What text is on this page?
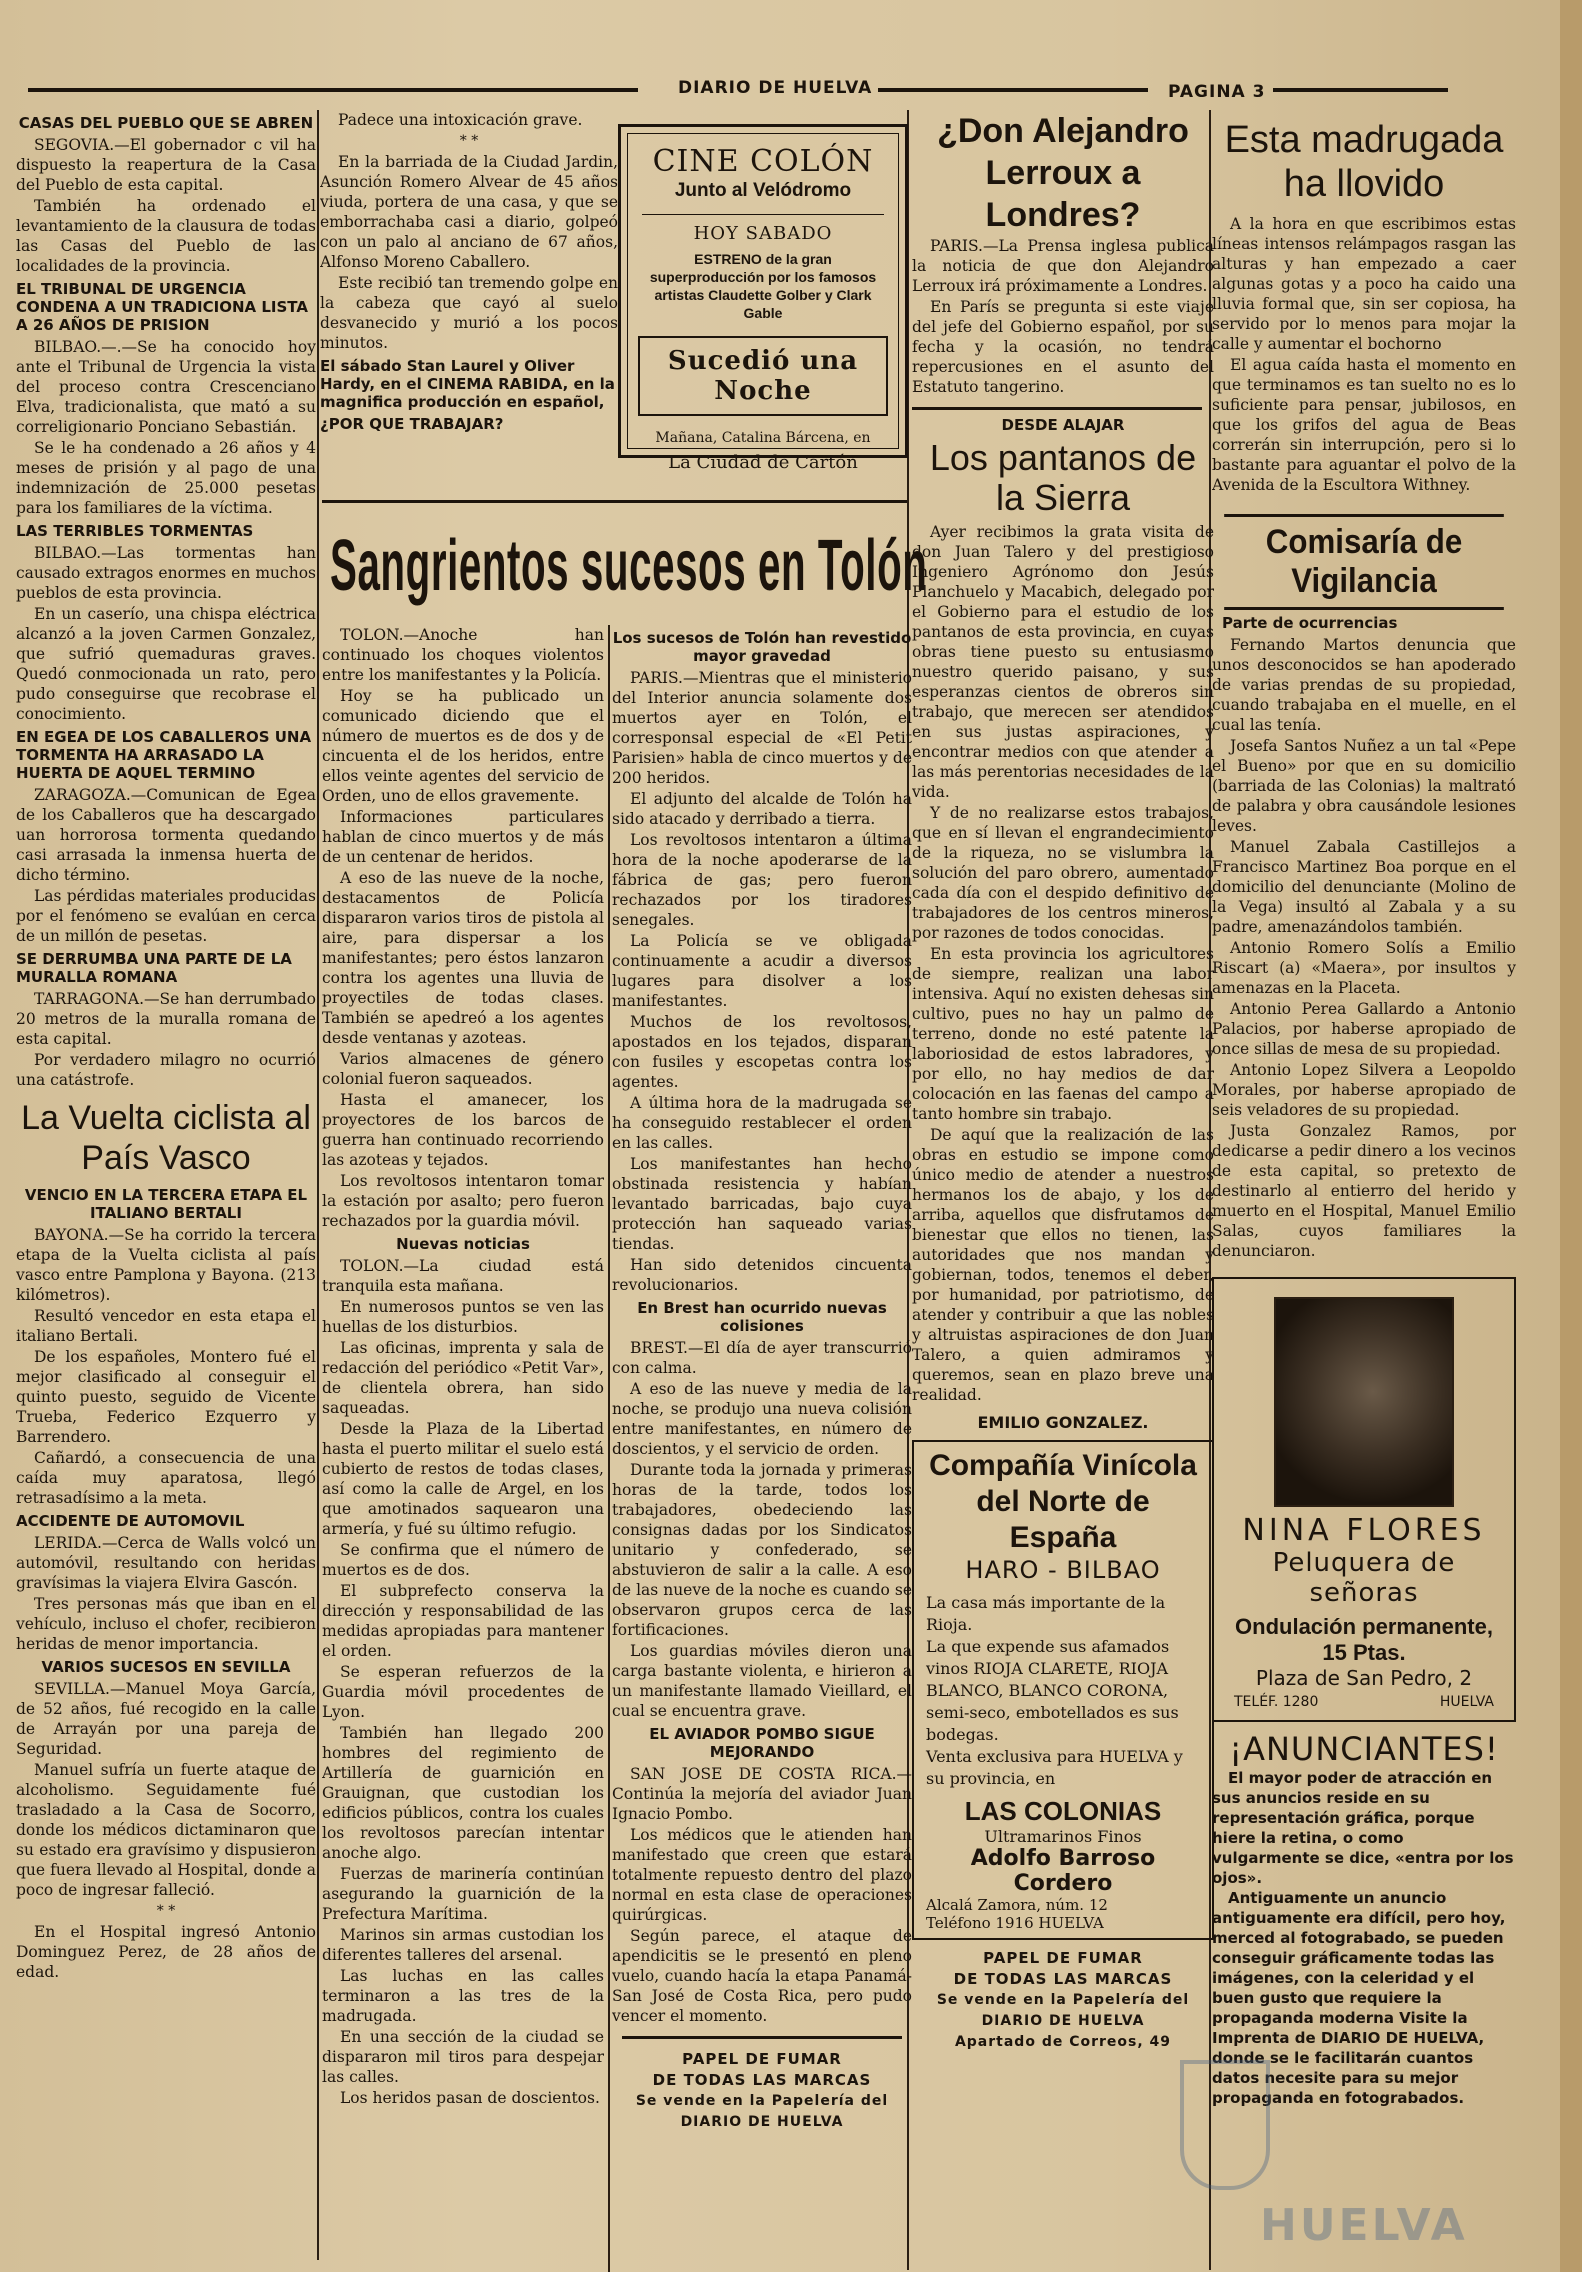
DIARIO DE HUELVA	PAGINA 3
CASAS DEL PUEBLO QUE SE ABREN

SEGOVIA.—El gobernador c vil ha dispuesto la reapertura de la Casa del Pueblo de esta capital.

También ha ordenado el levantamiento de la clausura de todas las Casas del Pueblo de las localidades de la provincia.

EL TRIBUNAL DE URGENCIA CONDENA A UN TRADICIONA LISTA A 26 AÑOS DE PRISION

BILBAO.—.—Se ha conocido hoy ante el Tribunal de Urgencia la vista del proceso contra Crescenciano Elva, tradicionalista, que mató a su correligionario Ponciano Sebastián.

Se le ha condenado a 26 años y 4 meses de prisión y al pago de una indemnización de 25.000 pesetas para los familiares de la víctima.

LAS TERRIBLES TORMENTAS

BILBAO.—Las tormentas han causado extragos enormes en muchos pueblos de esta provincia.

En un caserío, una chispa eléctrica alcanzó a la joven Carmen Gonzalez, que sufrió quemaduras graves. Quedó conmocionada un rato, pero pudo conseguirse que recobrase el conocimiento.

EN EGEA DE LOS CABALLEROS UNA TORMENTA HA ARRASADO LA HUERTA DE AQUEL TERMINO

ZARAGOZA.—Comunican de Egea de los Caballeros que ha descargado uan horrorosa tormenta quedando casi arrasada la inmensa huerta de dicho término.

Las pérdidas materiales producidas por el fenómeno se evalúan en cerca de un millón de pesetas.

SE DERRUMBA UNA PARTE DE LA MURALLA ROMANA

TARRAGONA.—Se han derrumbado 20 metros de la muralla romana de esta capital.

Por verdadero milagro no ocurrió una catástrofe.

La Vuelta ciclista al País Vasco
VENCIO EN LA TERCERA ETAPA EL ITALIANO BERTALI

BAYONA.—Se ha corrido la tercera etapa de la Vuelta ciclista al país vasco entre Pamplona y Bayona. (213 kilómetros).

Resultó vencedor en esta etapa el italiano Bertali.

De los españoles, Montero fué el mejor clasificado al conseguir el quinto puesto, seguido de Vicente Trueba, Federico Ezquerro y Barrendero.

Cañardó, a consecuencia de una caída muy aparatosa, llegó retrasadísimo a la meta.

ACCIDENTE DE AUTOMOVIL

LERIDA.—Cerca de Walls volcó un automóvil, resultando con heridas gravísimas la viajera Elvira Gascón.

Tres personas más que iban en el vehículo, incluso el chofer, recibieron heridas de menor importancia.

VARIOS SUCESOS EN SEVILLA

SEVILLA.—Manuel Moya García, de 52 años, fué recogido en la calle de Arrayán por una pareja de Seguridad.

Manuel sufría un fuerte ataque de alcoholismo. Seguidamente fué trasladado a la Casa de Socorro, donde los médicos dictaminaron que su estado era gravísimo y dispusieron que fuera llevado al Hospital, donde a poco de ingresar falleció.

* *

En el Hospital ingresó Antonio Dominguez Perez, de 28 años de edad.

Padece una intoxicación grave.

* *

En la barriada de la Ciudad Jardin, Asunción Romero Alvear de 45 años viuda, portera de una casa, y que se emborrachaba casi a diario, golpeó con un palo al anciano de 67 años, Alfonso Moreno Caballero.

Este recibió tan tremendo golpe en la cabeza que cayó al suelo desvanecido y murió a los pocos minutos.

El sábado Stan Laurel y Oliver Hardy, en el CINEMA RABIDA, en la magnifica producción en español,
¿POR QUE TRABAJAR?
CINE COLÓN
Junto al Velódromo
HOY SABADO
ESTRENO de la gran superproducción por los famosos artistas Claudette Golber y Clark Gable
Sucedió una Noche
Mañana, Catalina Bárcena, en
La Ciudad de Cartón
Sangrientos sucesos en Tolón

TOLON.—Anoche han continuado los choques violentos entre los manifestantes y la Policía.

Hoy se ha publicado un comunicado diciendo que el número de muertos es de dos y de cincuenta el de los heridos, entre ellos veinte agentes del servicio de Orden, uno de ellos gravemente.

Informaciones particulares hablan de cinco muertos y de más de un centenar de heridos.

A eso de las nueve de la noche, destacamentos de Policía dispararon varios tiros de pistola al aire, para dispersar a los manifestantes; pero éstos lanzaron contra los agentes una lluvia de proyectiles de todas clases. También se apedreó a los agentes desde ventanas y azoteas.

Varios almacenes de género colonial fueron saqueados.

Hasta el amanecer, los proyectores de los barcos de guerra han continuado recorriendo las azoteas y tejados.

Los revoltosos intentaron tomar la estación por asalto; pero fueron rechazados por la guardia móvil.

Nuevas noticias

TOLON.—La ciudad está tranquila esta mañana.

En numerosos puntos se ven las huellas de los disturbios.

Las oficinas, imprenta y sala de redacción del periódico «Petit Var», de clientela obrera, han sido saqueadas.

Desde la Plaza de la Libertad hasta el puerto militar el suelo está cubierto de restos de todas clases, así como la calle de Argel, en los que amotinados saquearon una armería, y fué su último refugio.

Se confirma que el número de muertos es de dos.

El subprefecto conserva la dirección y responsabilidad de las medidas apropiadas para mantener el orden.

Se esperan refuerzos de la Guardia móvil procedentes de Lyon.

También han llegado 200 hombres del regimiento de Artillería de guarnición en Grauignan, que custodian los edificios públicos, contra los cuales los revoltosos parecían intentar anoche algo.

Fuerzas de marinería continúan asegurando la guarnición de la Prefectura Marítima.

Marinos sin armas custodian los diferentes talleres del arsenal.

Las luchas en las calles terminaron a las tres de la madrugada.

En una sección de la ciudad se dispararon mil tiros para despejar las calles.

Los heridos pasan de doscientos.

Los sucesos de Tolón han revestido mayor gravedad

PARIS.—Mientras que el ministerio del Interior anuncia solamente dos muertos ayer en Tolón, el corresponsal especial de «El Petit Parisien» habla de cinco muertos y de 200 heridos.

El adjunto del alcalde de Tolón ha sido atacado y derribado a tierra.

Los revoltosos intentaron a última hora de la noche apoderarse de la fábrica de gas; pero fueron rechazados por los tiradores senegales.

La Policía se ve obligada continuamente a acudir a diversos lugares para disolver a los manifestantes.

Muchos de los revoltosos, apostados en los tejados, disparan con fusiles y escopetas contra los agentes.

A última hora de la madrugada se ha conseguido restablecer el orden en las calles.

Los manifestantes han hecho obstinada resistencia y habían levantado barricadas, bajo cuya protección han saqueado varias tiendas.

Han sido detenidos cincuenta revolucionarios.

En Brest han ocurrido nuevas colisiones

BREST.—El día de ayer transcurrió con calma.

A eso de las nueve y media de la noche, se produjo una nueva colisión entre manifestantes, en número de doscientos, y el servicio de orden.

Durante toda la jornada y primeras horas de la tarde, todos los trabajadores, obedeciendo las consignas dadas por los Sindicatos unitario y confederado, se abstuvieron de salir a la calle. A eso de las nueve de la noche es cuando se observaron grupos cerca de las fortificaciones.

Los guardias móviles dieron una carga bastante violenta, e hirieron a un manifestante llamado Vieillard, el cual se encuentra grave.

EL AVIADOR POMBO SIGUE MEJORANDO

SAN JOSE DE COSTA RICA.—Continúa la mejoría del aviador Juan Ignacio Pombo.

Los médicos que le atienden han manifestado que creen que estará totalmente repuesto dentro del plazo normal en esta clase de operaciones quirúrgicas.

Según parece, el ataque de apendicitis se le presentó en pleno vuelo, cuando hacía la etapa Panamá-San José de Costa Rica, pero pudo vencer el momento.

PAPEL DE FUMAR
DE TODAS LAS MARCAS
Se vende en la Papelería del
DIARIO DE HUELVA
¿Don Alejandro Lerroux a Londres?

PARIS.—La Prensa inglesa publica la noticia de que don Alejandro Lerroux irá próximamente a Londres.

En París se pregunta si este viaje del jefe del Gobierno español, por su fecha y la ocasión, no tendrá repercusiones en el asunto del Estatuto tangerino.

DESDE ALAJAR
Los pantanos de la Sierra

Ayer recibimos la grata visita de don Juan Talero y del prestigioso Ingeniero Agrónomo don Jesús Planchuelo y Macabich, delegado por el Gobierno para el estudio de los pantanos de esta provincia, en cuyas obras tiene puesto su entusiasmo nuestro querido paisano, y sus esperanzas cientos de obreros sin trabajo, que merecen ser atendidos en sus justas aspiraciones, y encontrar medios con que atender a las más perentorias necesidades de la vida.

Y de no realizarse estos trabajos, que en sí llevan el engrandecimiento de la riqueza, no se vislumbra la solución del paro obrero, aumentado cada día con el despido definitivo de trabajadores de los centros mineros, por razones de todos conocidas.

En esta provincia los agricultores de siempre, realizan una labor intensiva. Aquí no existen dehesas sin cultivo, pues no hay un palmo de terreno, donde no esté patente la laboriosidad de estos labradores, y por ello, no hay medios de dar colocación en las faenas del campo a tanto hombre sin trabajo.

De aquí que la realización de las obras en estudio se impone como único medio de atender a nuestros hermanos los de abajo, y los de arriba, aquellos que disfrutamos de bienestar que ellos no tienen, las autoridades que nos mandan y gobiernan, todos, tenemos el deber, por humanidad, por patriotismo, de atender y contribuir a que las nobles y altruistas aspiraciones de don Juan Talero, a quien admiramos y queremos, sean en plazo breve una realidad.

EMILIO GONZALEZ.
Compañía Vinícola del Norte de España
HARO - BILBAO

La casa más importante de la Rioja.

La que expende sus afamados vinos RIOJA CLARETE, RIOJA BLANCO, BLANCO CORONA, semi-seco, embotellados es sus bodegas.

Venta exclusiva para HUELVA y su provincia, en

LAS COLONIAS
Ultramarinos Finos
Adolfo Barroso Cordero
Alcalá Zamora, núm. 12
Teléfono 1916 HUELVA
PAPEL DE FUMAR
DE TODAS LAS MARCAS
Se vende en la Papelería del
DIARIO DE HUELVA
Apartado de Correos, 49
Esta madrugada ha llovido

A la hora en que escribimos estas líneas intensos relámpagos rasgan las alturas y han empezado a caer algunas gotas y a poco ha caido una lluvia formal que, sin ser copiosa, ha servido por lo menos para mojar la calle y aumentar el bochorno

El agua caída hasta el momento en que terminamos es tan suelto no es lo suficiente para pensar, jubilosos, en que los grifos del agua de Beas correrán sin interrupción, pero si lo bastante para aguantar el polvo de la Avenida de la Escultora Withney.

Comisaría de Vigilancia
Parte de ocurrencias

Fernando Martos denuncia que unos desconocidos se han apoderado de varias prendas de su propiedad, cuando trabajaba en el muelle, en el cual las tenía.

Josefa Santos Nuñez a un tal «Pepe el Bueno» por que en su domicilio (barriada de las Colonias) la maltrató de palabra y obra causándole lesiones leves.

Manuel Zabala Castillejos a Francisco Martinez Boa porque en el domicilio del denunciante (Molino de la Vega) insultó al Zabala y a su padre, amenazándolos también.

Antonio Romero Solís a Emilio Riscart (a) «Maera», por insultos y amenazas en la Placeta.

Antonio Perea Gallardo a Antonio Palacios, por haberse apropiado de once sillas de mesa de su propiedad.

Antonio Lopez Silvera a Leopoldo Morales, por haberse apropiado de seis veladores de su propiedad.

Justa Gonzalez Ramos, por dedicarse a pedir dinero a los vecinos de esta capital, so pretexto de destinarlo al entierro del herido y muerto en el Hospital, Manuel Emilio Salas, cuyos familiares la denunciaron.

NINA FLORES
Peluquera de señoras
Ondulación permanente, 15 Ptas.
Plaza de San Pedro, 2
TELÉF. 1280	HUELVA
¡ANUNCIANTES!

El mayor poder de atracción en sus anuncios reside en su representación gráfica, porque hiere la retina, o como vulgarmente se dice, «entra por los ojos».

Antiguamente un anuncio antiguamente era difícil, pero hoy, merced al fotograbado, se pueden conseguir gráficamente todas las imágenes, con la celeridad y el buen gusto que requiere la propaganda moderna Visite la Imprenta de DIARIO DE HUELVA, donde se le facilitarán cuantos datos necesite para su mejor propaganda en fotograbados.

HUELVA
